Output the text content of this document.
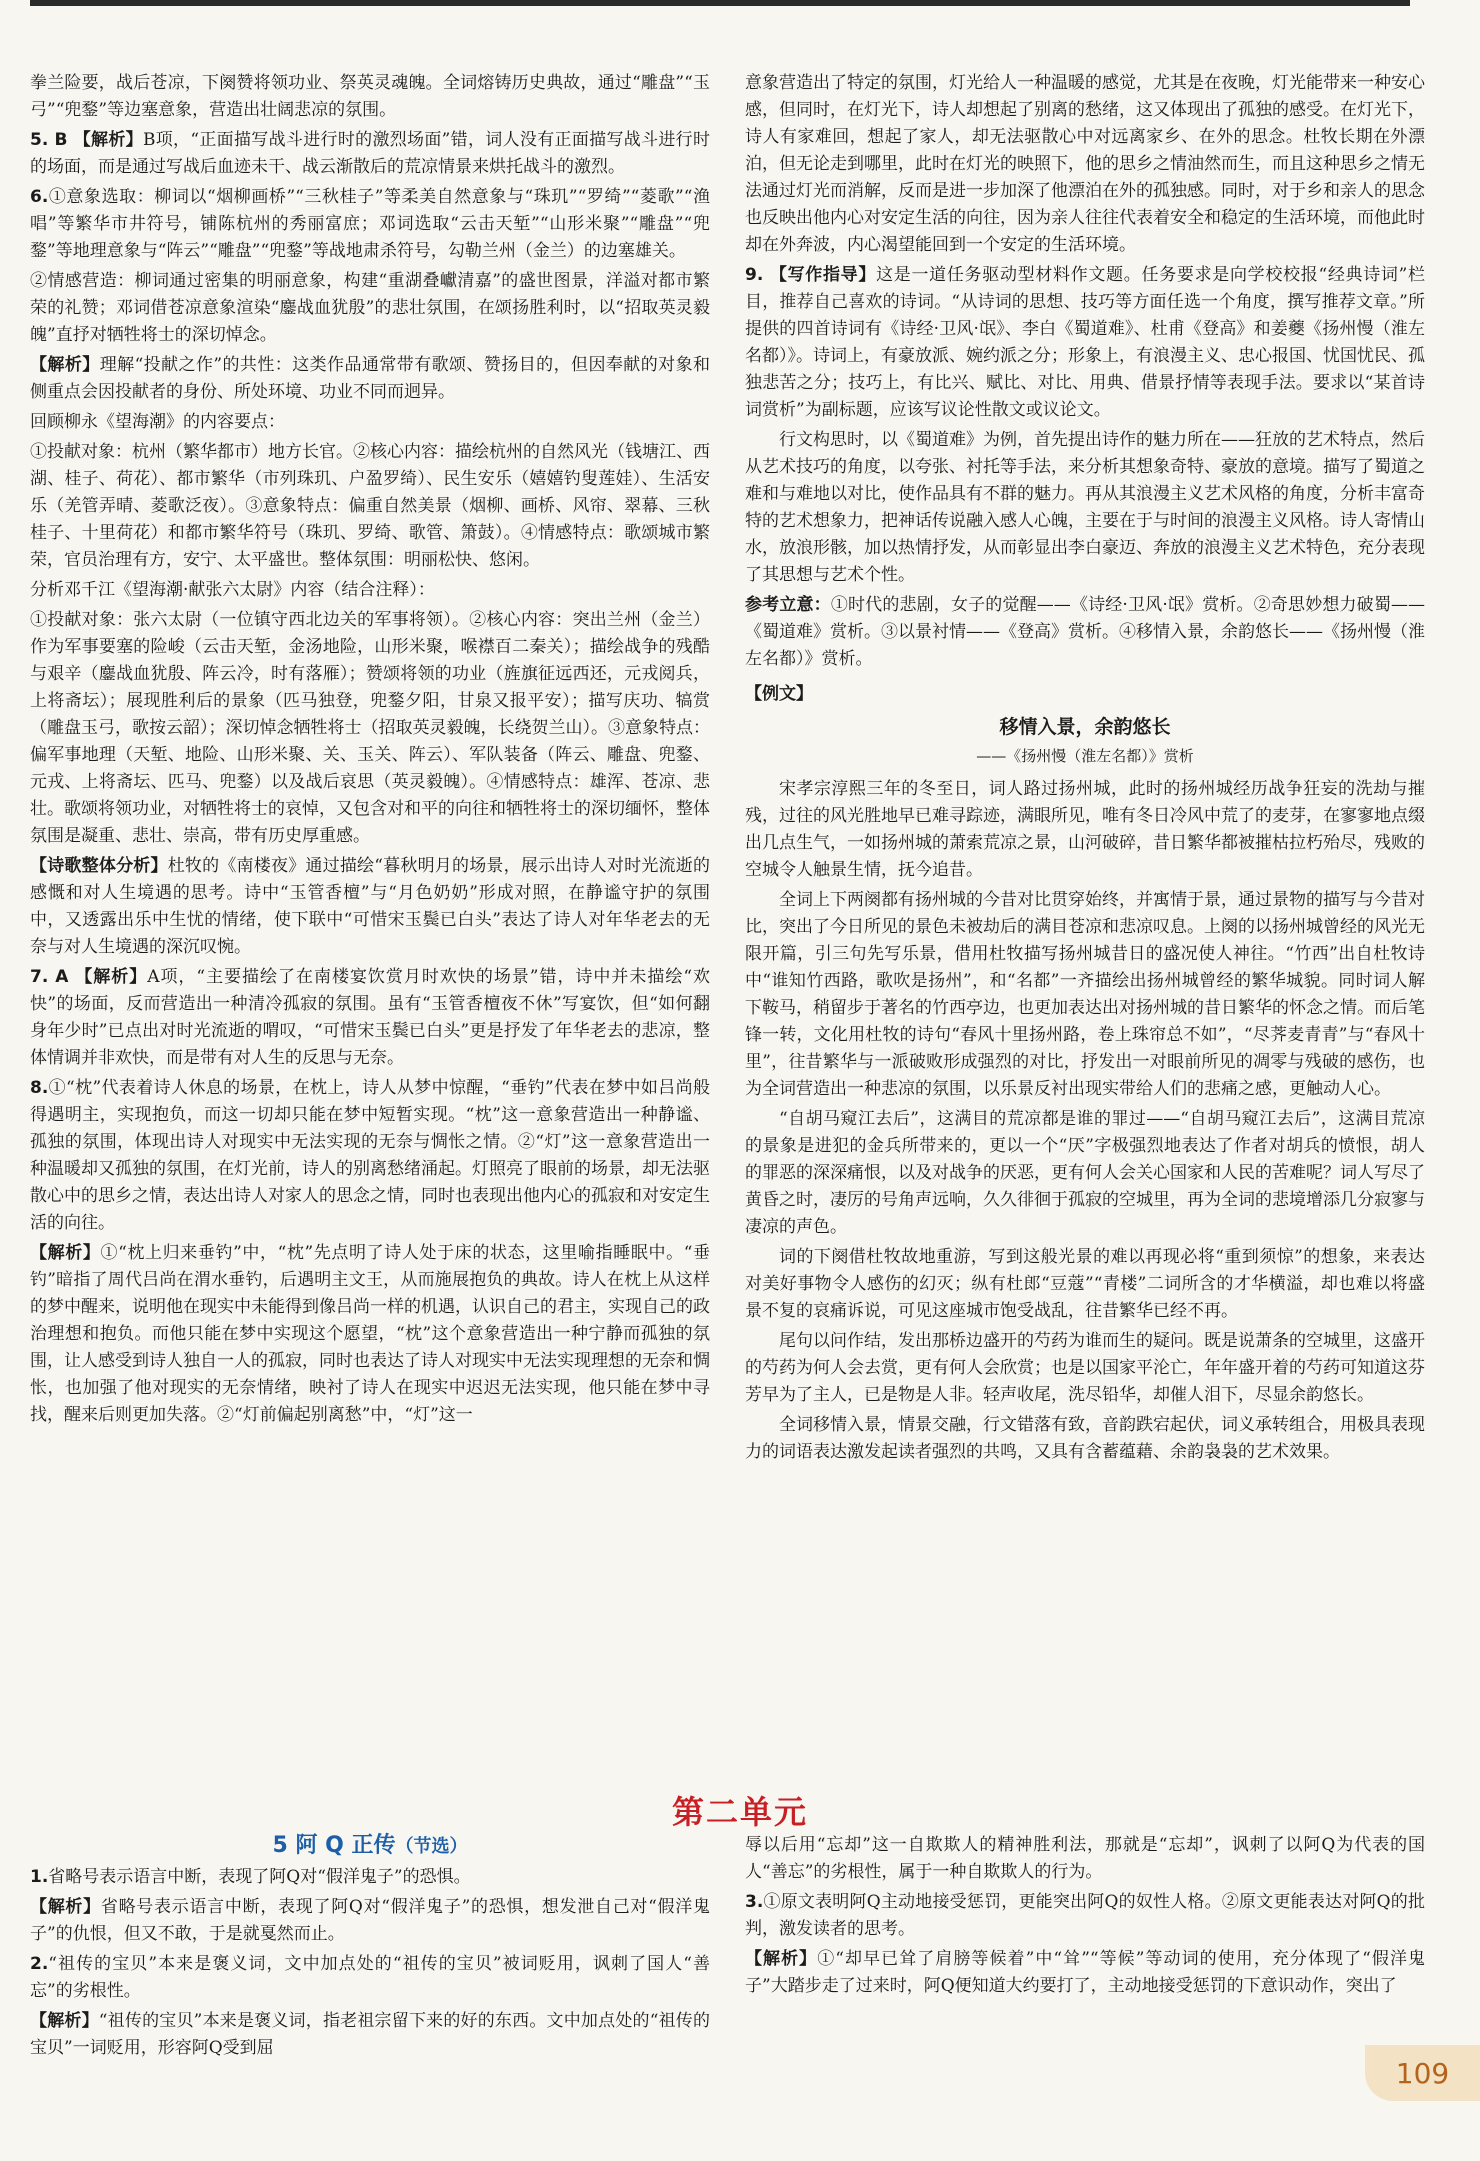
拳兰险要，战后苍凉，下阕赞将领功业、祭英灵魂魄。全词熔铸历史典故，通过“雕盘”“玉弓”“兜鍪”等边塞意象，营造出壮阔悲凉的氛围。

5. B 【解析】B项，“正面描写战斗进行时的激烈场面”错，词人没有正面描写战斗进行时的场面，而是通过写战后血迹未干、战云渐散后的荒凉情景来烘托战斗的激烈。

6.①意象选取：柳词以“烟柳画桥”“三秋桂子”等柔美自然意象与“珠玑”“罗绮”“菱歌”“渔唱”等繁华市井符号，铺陈杭州的秀丽富庶；邓词选取“云击天堑”“山形米聚”“雕盘”“兜鍪”等地理意象与“阵云”“雕盘”“兜鍪”等战地肃杀符号，勾勒兰州（金兰）的边塞雄关。

②情感营造：柳词通过密集的明丽意象，构建“重湖叠巘清嘉”的盛世图景，洋溢对都市繁荣的礼赞；邓词借苍凉意象渲染“鏖战血犹殷”的悲壮氛围，在颂扬胜利时，以“招取英灵毅魄”直抒对牺牲将士的深切悼念。

【解析】理解“投献之作”的共性：这类作品通常带有歌颂、赞扬目的，但因奉献的对象和侧重点会因投献者的身份、所处环境、功业不同而迥异。

回顾柳永《望海潮》的内容要点：

①投献对象：杭州（繁华都市）地方长官。②核心内容：描绘杭州的自然风光（钱塘江、西湖、桂子、荷花）、都市繁华（市列珠玑、户盈罗绮）、民生安乐（嬉嬉钓叟莲娃）、生活安乐（羌管弄晴、菱歌泛夜）。③意象特点：偏重自然美景（烟柳、画桥、风帘、翠幕、三秋桂子、十里荷花）和都市繁华符号（珠玑、罗绮、歌管、箫鼓）。④情感特点：歌颂城市繁荣，官员治理有方，安宁、太平盛世。整体氛围：明丽松快、悠闲。

分析邓千江《望海潮·献张六太尉》内容（结合注释）：

①投献对象：张六太尉（一位镇守西北边关的军事将领）。②核心内容：突出兰州（金兰）作为军事要塞的险峻（云击天堑，金汤地险，山形米聚，喉襟百二秦关）；描绘战争的残酷与艰辛（鏖战血犹殷、阵云冷，时有落雁）；赞颂将领的功业（旌旗征远西还，元戎阅兵，上将斋坛）；展现胜利后的景象（匹马独登，兜鍪夕阳，甘泉又报平安）；描写庆功、犒赏（雕盘玉弓，歌按云韶）；深切悼念牺牲将士（招取英灵毅魄，长绕贺兰山）。③意象特点：偏军事地理（天堑、地险、山形米聚、关、玉关、阵云）、军队装备（阵云、雕盘、兜鍪、元戎、上将斋坛、匹马、兜鍪）以及战后哀思（英灵毅魄）。④情感特点：雄浑、苍凉、悲壮。歌颂将领功业，对牺牲将士的哀悼，又包含对和平的向往和牺牲将士的深切缅怀，整体氛围是凝重、悲壮、崇高，带有历史厚重感。

【诗歌整体分析】杜牧的《南楼夜》通过描绘“暮秋明月的场景，展示出诗人对时光流逝的感慨和对人生境遇的思考。诗中“玉管香檀”与“月色奶奶”形成对照，在静谧守护的氛围中，又透露出乐中生忧的情绪，使下联中“可惜宋玉鬓已白头”表达了诗人对年华老去的无奈与对人生境遇的深沉叹惋。

7. A 【解析】A项，“主要描绘了在南楼宴饮赏月时欢快的场景”错，诗中并未描绘“欢快”的场面，反而营造出一种清冷孤寂的氛围。虽有“玉管香檀夜不休”写宴饮，但“如何翻身年少时”已点出对时光流逝的喟叹，“可惜宋玉鬓已白头”更是抒发了年华老去的悲凉，整体情调并非欢快，而是带有对人生的反思与无奈。

8.①“枕”代表着诗人休息的场景，在枕上，诗人从梦中惊醒，“垂钓”代表在梦中如吕尚般得遇明主，实现抱负，而这一切却只能在梦中短暂实现。“枕”这一意象营造出一种静谧、孤独的氛围，体现出诗人对现实中无法实现的无奈与惆怅之情。②“灯”这一意象营造出一种温暖却又孤独的氛围，在灯光前，诗人的别离愁绪涌起。灯照亮了眼前的场景，却无法驱散心中的思乡之情，表达出诗人对家人的思念之情，同时也表现出他内心的孤寂和对安定生活的向往。

【解析】①“枕上归来垂钓”中，“枕”先点明了诗人处于床的状态，这里喻指睡眠中。“垂钓”暗指了周代吕尚在渭水垂钓，后遇明主文王，从而施展抱负的典故。诗人在枕上从这样的梦中醒来，说明他在现实中未能得到像吕尚一样的机遇，认识自己的君主，实现自己的政治理想和抱负。而他只能在梦中实现这个愿望，“枕”这个意象营造出一种宁静而孤独的氛围，让人感受到诗人独自一人的孤寂，同时也表达了诗人对现实中无法实现理想的无奈和惆怅，也加强了他对现实的无奈情绪，映衬了诗人在现实中迟迟无法实现，他只能在梦中寻找，醒来后则更加失落。②“灯前偏起别离愁”中，“灯”这一

意象营造出了特定的氛围，灯光给人一种温暖的感觉，尤其是在夜晚，灯光能带来一种安心感，但同时，在灯光下，诗人却想起了别离的愁绪，这又体现出了孤独的感受。在灯光下，诗人有家难回，想起了家人，却无法驱散心中对远离家乡、在外的思念。杜牧长期在外漂泊，但无论走到哪里，此时在灯光的映照下，他的思乡之情油然而生，而且这种思乡之情无法通过灯光而消解，反而是进一步加深了他漂泊在外的孤独感。同时，对于乡和亲人的思念也反映出他内心对安定生活的向往，因为亲人往往代表着安全和稳定的生活环境，而他此时却在外奔波，内心渴望能回到一个安定的生活环境。

9. 【写作指导】这是一道任务驱动型材料作文题。任务要求是向学校校报“经典诗词”栏目，推荐自己喜欢的诗词。“从诗词的思想、技巧等方面任选一个角度，撰写推荐文章。”所提供的四首诗词有《诗经·卫风·氓》、李白《蜀道难》、杜甫《登高》和姜夔《扬州慢（淮左名都）》。诗词上，有豪放派、婉约派之分；形象上，有浪漫主义、忠心报国、忧国忧民、孤独悲苦之分；技巧上，有比兴、赋比、对比、用典、借景抒情等表现手法。要求以“某首诗词赏析”为副标题，应该写议论性散文或议论文。

行文构思时，以《蜀道难》为例，首先提出诗作的魅力所在——狂放的艺术特点，然后从艺术技巧的角度，以夸张、衬托等手法，来分析其想象奇特、豪放的意境。描写了蜀道之难和与难地以对比，使作品具有不群的魅力。再从其浪漫主义艺术风格的角度，分析丰富奇特的艺术想象力，把神话传说融入感人心魄，主要在于与时间的浪漫主义风格。诗人寄情山水，放浪形骸，加以热情抒发，从而彰显出李白豪迈、奔放的浪漫主义艺术特色，充分表现了其思想与艺术个性。

参考立意：①时代的悲剧，女子的觉醒——《诗经·卫风·氓》赏析。②奇思妙想力破蜀——《蜀道难》赏析。③以景衬情——《登高》赏析。④移情入景，余韵悠长——《扬州慢（淮左名都）》赏析。

【例文】
移情入景，余韵悠长
——《扬州慢（淮左名都）》赏析

宋孝宗淳熙三年的冬至日，词人路过扬州城，此时的扬州城经历战争狂妄的洗劫与摧残，过往的风光胜地早已难寻踪迹，满眼所见，唯有冬日冷风中荒了的麦芽，在寥寥地点缀出几点生气，一如扬州城的萧索荒凉之景，山河破碎，昔日繁华都被摧枯拉朽殆尽，残败的空城令人触景生情，抚今追昔。

全词上下两阕都有扬州城的今昔对比贯穿始终，并寓情于景，通过景物的描写与今昔对比，突出了今日所见的景色未被劫后的满目苍凉和悲凉叹息。上阕的以扬州城曾经的风光无限开篇，引三句先写乐景，借用杜牧描写扬州城昔日的盛况使人神往。“竹西”出自杜牧诗中“谁知竹西路，歌吹是扬州”，和“名都”一齐描绘出扬州城曾经的繁华城貌。同时词人解下鞍马，稍留步于著名的竹西亭边，也更加表达出对扬州城的昔日繁华的怀念之情。而后笔锋一转，文化用杜牧的诗句“春风十里扬州路，卷上珠帘总不如”，“尽荠麦青青”与“春风十里”，往昔繁华与一派破败形成强烈的对比，抒发出一对眼前所见的凋零与残破的感伤，也为全词营造出一种悲凉的氛围，以乐景反衬出现实带给人们的悲痛之感，更触动人心。

“自胡马窥江去后”，这满目的荒凉都是谁的罪过——“自胡马窥江去后”，这满目荒凉的景象是进犯的金兵所带来的，更以一个“厌”字极强烈地表达了作者对胡兵的愤恨，胡人的罪恶的深深痛恨，以及对战争的厌恶，更有何人会关心国家和人民的苦难呢？词人写尽了黄昏之时，凄厉的号角声远响，久久徘徊于孤寂的空城里，再为全词的悲境增添几分寂寥与凄凉的声色。

词的下阕借杜牧故地重游，写到这般光景的难以再现必将“重到须惊”的想象，来表达对美好事物令人感伤的幻灭；纵有杜郎“豆蔻”“青楼”二词所含的才华横溢，却也难以将盛景不复的哀痛诉说，可见这座城市饱受战乱，往昔繁华已经不再。

尾句以问作结，发出那桥边盛开的芍药为谁而生的疑问。既是说萧条的空城里，这盛开的芍药为何人会去赏，更有何人会欣赏；也是以国家平沦亡，年年盛开着的芍药可知道这芬芳早为了主人，已是物是人非。轻声收尾，洗尽铅华，却催人泪下，尽显余韵悠长。

全词移情入景，情景交融，行文错落有致，音韵跌宕起伏，词义承转组合，用极具表现力的词语表达激发起读者强烈的共鸣，又具有含蓄蕴藉、余韵袅袅的艺术效果。

第二单元
5 阿 Q 正传（节选）

1.省略号表示语言中断，表现了阿Q对“假洋鬼子”的恐惧。

【解析】省略号表示语言中断，表现了阿Q对“假洋鬼子”的恐惧，想发泄自己对“假洋鬼子”的仇恨，但又不敢，于是就戛然而止。

2.“祖传的宝贝”本来是褒义词，文中加点处的“祖传的宝贝”被词贬用，讽刺了国人“善忘”的劣根性。

【解析】“祖传的宝贝”本来是褒义词，指老祖宗留下来的好的东西。文中加点处的“祖传的宝贝”一词贬用，形容阿Q受到屈

辱以后用“忘却”这一自欺欺人的精神胜利法，那就是“忘却”，讽刺了以阿Q为代表的国人“善忘”的劣根性，属于一种自欺欺人的行为。

3.①原文表明阿Q主动地接受惩罚，更能突出阿Q的奴性人格。②原文更能表达对阿Q的批判，激发读者的思考。

【解析】①“却早已耸了肩膀等候着”中“耸”“等候”等动词的使用，充分体现了“假洋鬼子”大踏步走了过来时，阿Q便知道大约要打了，主动地接受惩罚的下意识动作，突出了

109
